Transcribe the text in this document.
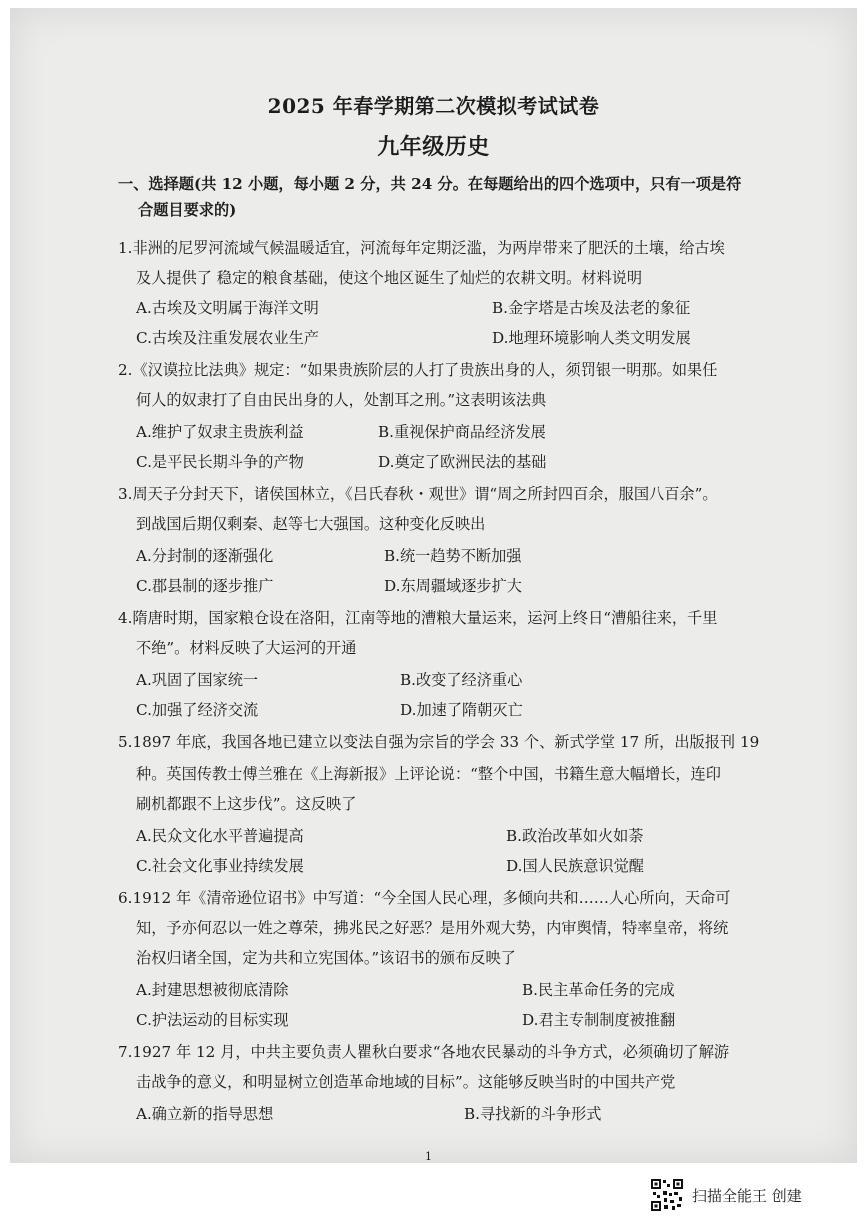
2025 年春学期第二次模拟考试试卷
九年级历史
一、选择题(共 12 小题，每小题 2 分，共 24 分。在每题给出的四个选项中，只有一项是符
合题目要求的)
1.非洲的尼罗河流域气候温暖适宜，河流每年定期泛滥，为两岸带来了肥沃的土壤，给古埃
及人提供了 稳定的粮食基础，使这个地区诞生了灿烂的农耕文明。材料说明
A.古埃及文明属于海洋文明	B.金字塔是古埃及法老的象征
C.古埃及注重发展农业生产	D.地理环境影响人类文明发展
2.《汉谟拉比法典》规定：“如果贵族阶层的人打了贵族出身的人，须罚银一明那。如果任
何人的奴隶打了自由民出身的人，处割耳之刑。”这表明该法典
A.维护了奴隶主贵族利益	B.重视保护商品经济发展
C.是平民长期斗争的产物	D.奠定了欧洲民法的基础
3.周天子分封天下，诸侯国林立，《吕氏春秋・观世》谓“周之所封四百余，服国八百余”。
到战国后期仅剩秦、赵等七大强国。这种变化反映出
A.分封制的逐渐强化	B.统一趋势不断加强
C.郡县制的逐步推广	D.东周疆域逐步扩大
4.隋唐时期，国家粮仓设在洛阳，江南等地的漕粮大量运来，运河上终日“漕船往来，千里
不绝”。材料反映了大运河的开通
A.巩固了国家统一	B.改变了经济重心
C.加强了经济交流	D.加速了隋朝灭亡
5.1897 年底，我国各地已建立以变法自强为宗旨的学会 33 个、新式学堂 17 所，出版报刊 19
种。英国传教士傅兰雅在《上海新报》上评论说：“整个中国，书籍生意大幅增长，连印
刷机都跟不上这步伐”。这反映了
A.民众文化水平普遍提高	B.政治改革如火如荼
C.社会文化事业持续发展	D.国人民族意识觉醒
6.1912 年《清帝逊位诏书》中写道：“今全国人民心理，多倾向共和……人心所向，天命可
知，予亦何忍以一姓之尊荣，拂兆民之好恶？是用外观大势，内审舆情，特率皇帝，将统
治权归诸全国，定为共和立宪国体。”该诏书的颁布反映了
A.封建思想被彻底清除	B.民主革命任务的完成
C.护法运动的目标实现	D.君主专制制度被推翻
7.1927 年 12 月，中共主要负责人瞿秋白要求“各地农民暴动的斗争方式，必须确切了解游
击战争的意义，和明显树立创造革命地域的目标”。这能够反映当时的中国共产党
A.确立新的指导思想	B.寻找新的斗争形式
1
扫描全能王 创建
